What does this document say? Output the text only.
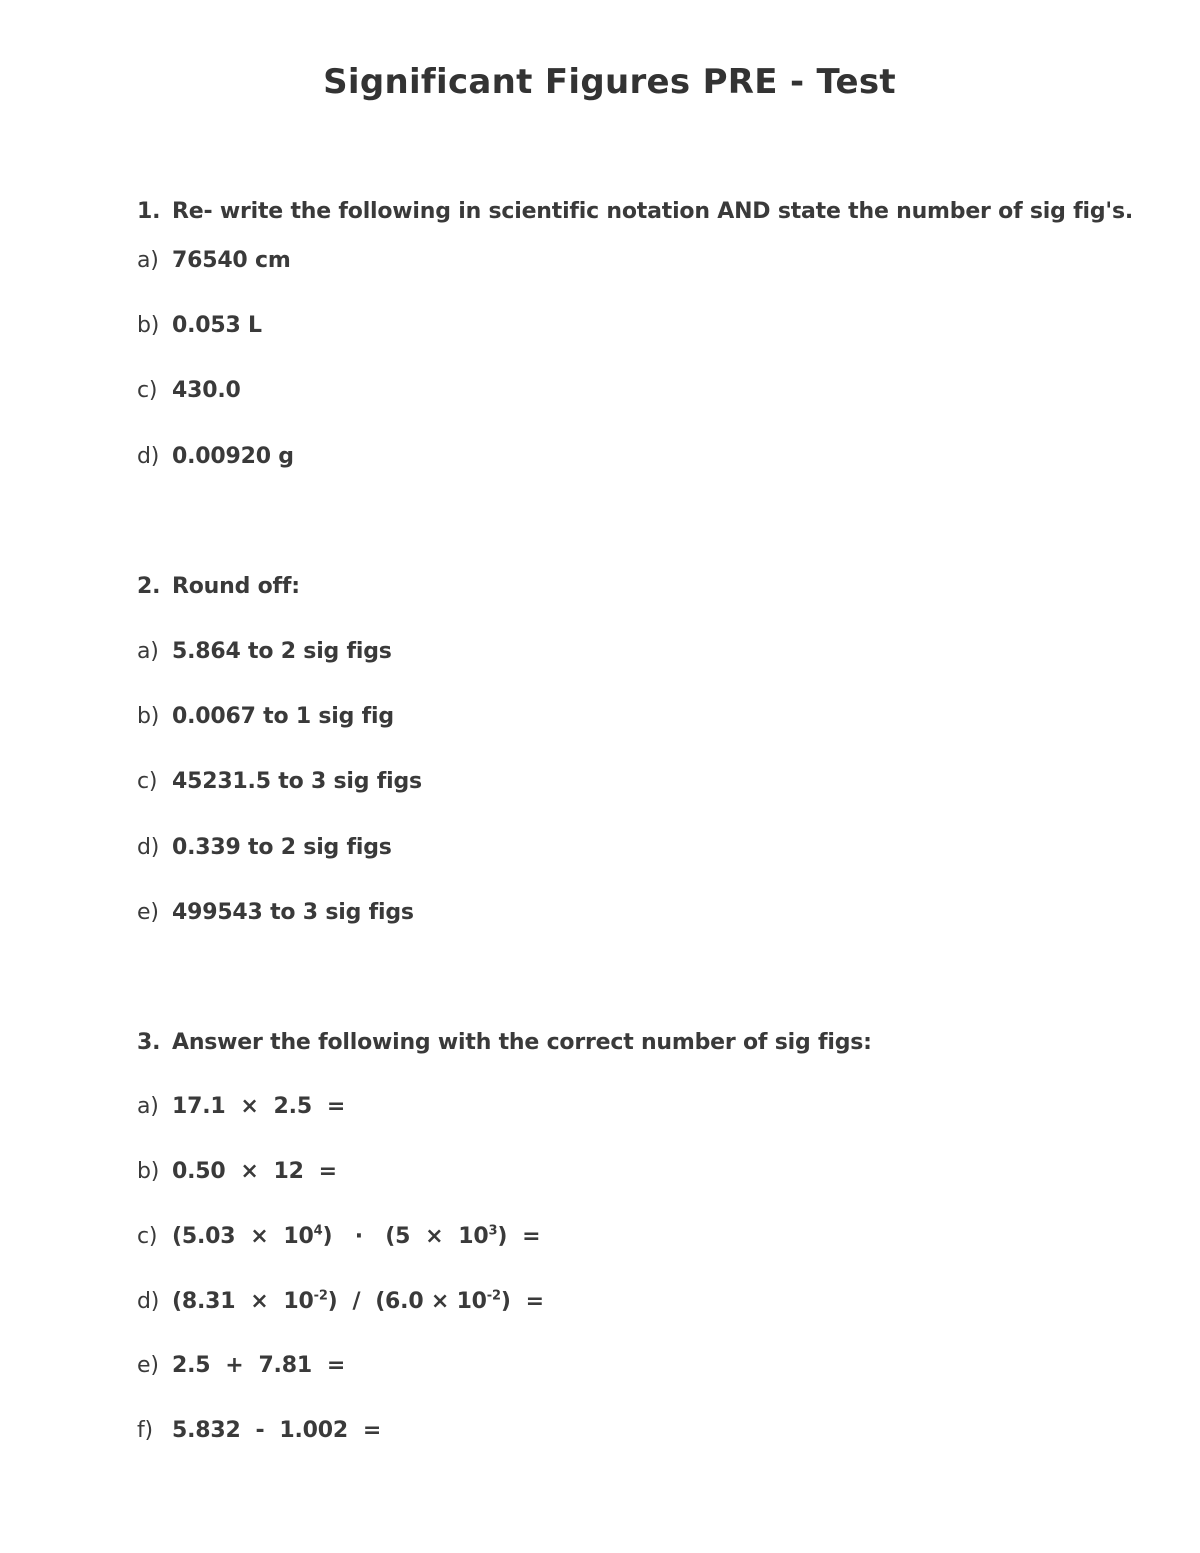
Significant Figures PRE - Test
1. Re- write the following in scientific notation AND state the number of sig fig's.
a) 76540 cm
b) 0.053 L
c) 430.0
d) 0.00920 g
2. Round off:
a) 5.864 to 2 sig figs
b) 0.0067 to 1 sig fig
c) 45231.5 to 3 sig figs
d) 0.339 to 2 sig figs
e) 499543 to 3 sig figs
3. Answer the following with the correct number of sig figs:
a) 17.1  ×  2.5  =
b) 0.50  ×  12  =
c) $(5.03 \times 10^4) \cdot (5 \times 10^3)$  =
d) $(8.31 \times 10^{-2}) / (6.0 \times 10^{-2})$  =
e) 2.5  +  7.81  =
f) 5.832  -  1.002  =
